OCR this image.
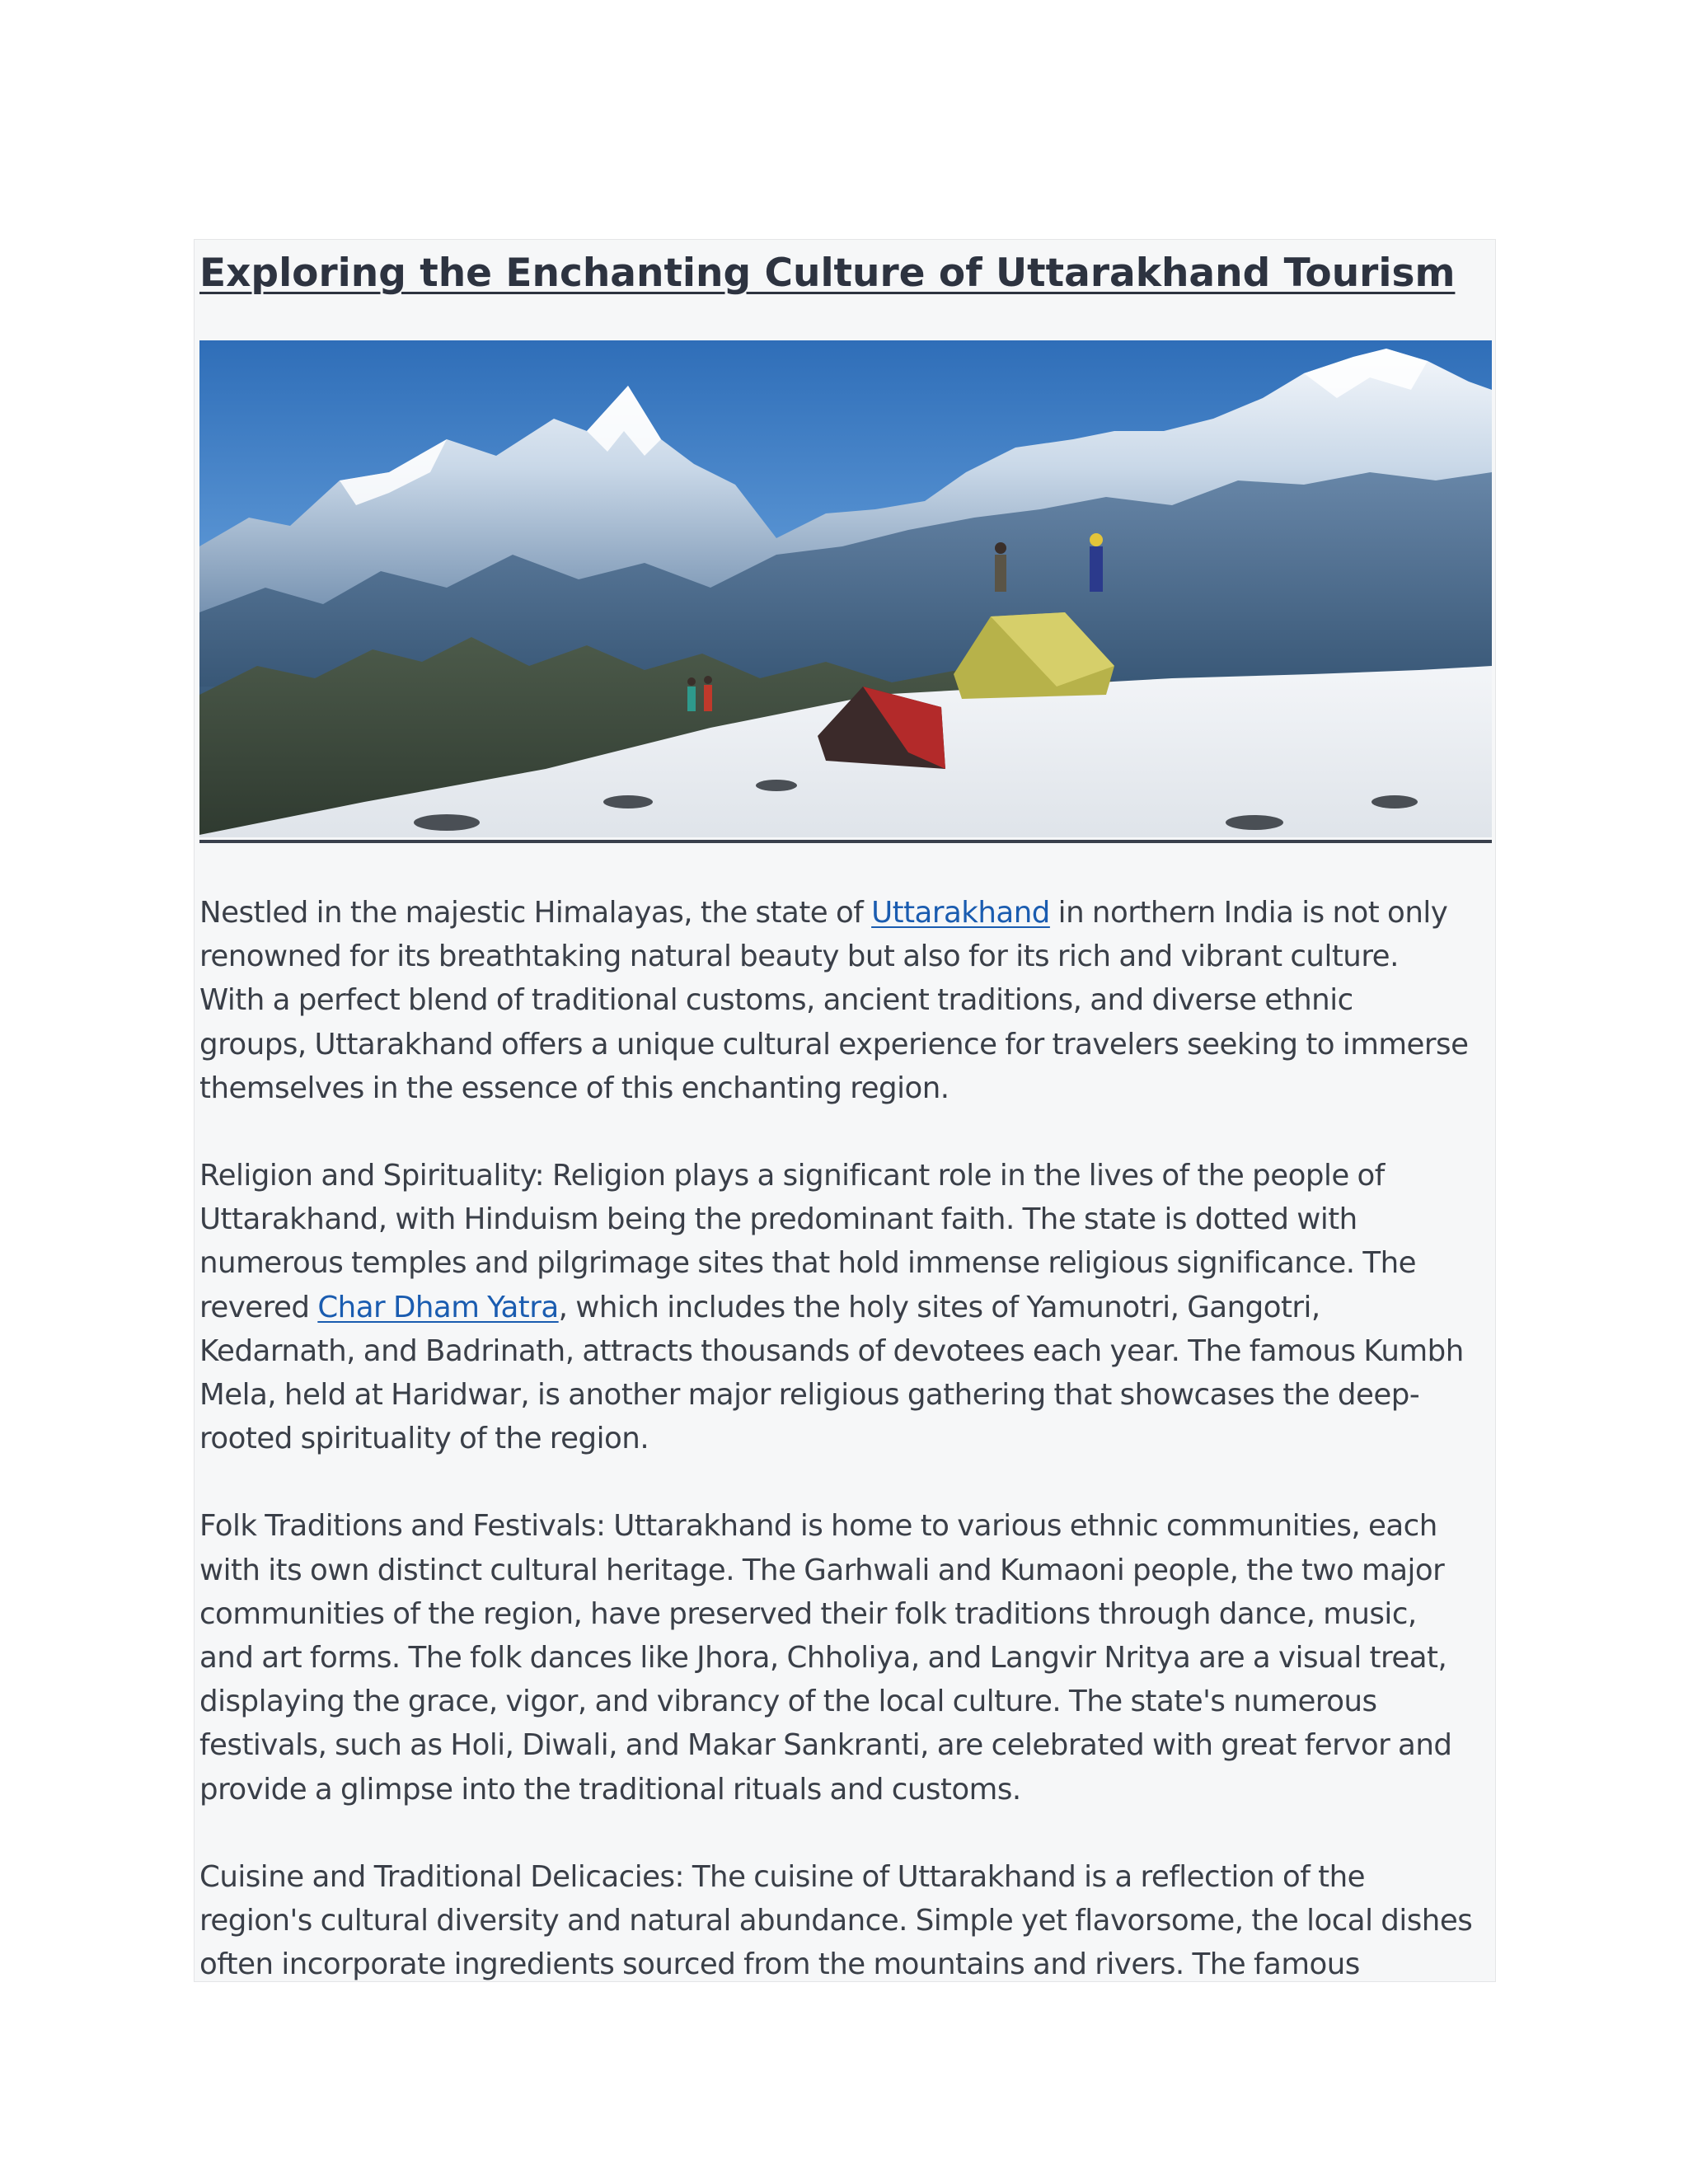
Exploring the Enchanting Culture of Uttarakhand Tourism

Nestled in the majestic Himalayas, the state of Uttarakhand in northern India is not only
renowned for its breathtaking natural beauty but also for its rich and vibrant culture.
With a perfect blend of traditional customs, ancient traditions, and diverse ethnic
groups, Uttarakhand offers a unique cultural experience for travelers seeking to immerse
themselves in the essence of this enchanting region.

Religion and Spirituality: Religion plays a significant role in the lives of the people of
Uttarakhand, with Hinduism being the predominant faith. The state is dotted with
numerous temples and pilgrimage sites that hold immense religious significance. The
revered Char Dham Yatra, which includes the holy sites of Yamunotri, Gangotri,
Kedarnath, and Badrinath, attracts thousands of devotees each year. The famous Kumbh
Mela, held at Haridwar, is another major religious gathering that showcases the deep-
rooted spirituality of the region.

Folk Traditions and Festivals: Uttarakhand is home to various ethnic communities, each
with its own distinct cultural heritage. The Garhwali and Kumaoni people, the two major
communities of the region, have preserved their folk traditions through dance, music,
and art forms. The folk dances like Jhora, Chholiya, and Langvir Nritya are a visual treat,
displaying the grace, vigor, and vibrancy of the local culture. The state's numerous
festivals, such as Holi, Diwali, and Makar Sankranti, are celebrated with great fervor and
provide a glimpse into the traditional rituals and customs.

Cuisine and Traditional Delicacies: The cuisine of Uttarakhand is a reflection of the
region's cultural diversity and natural abundance. Simple yet flavorsome, the local dishes
often incorporate ingredients sourced from the mountains and rivers. The famous
